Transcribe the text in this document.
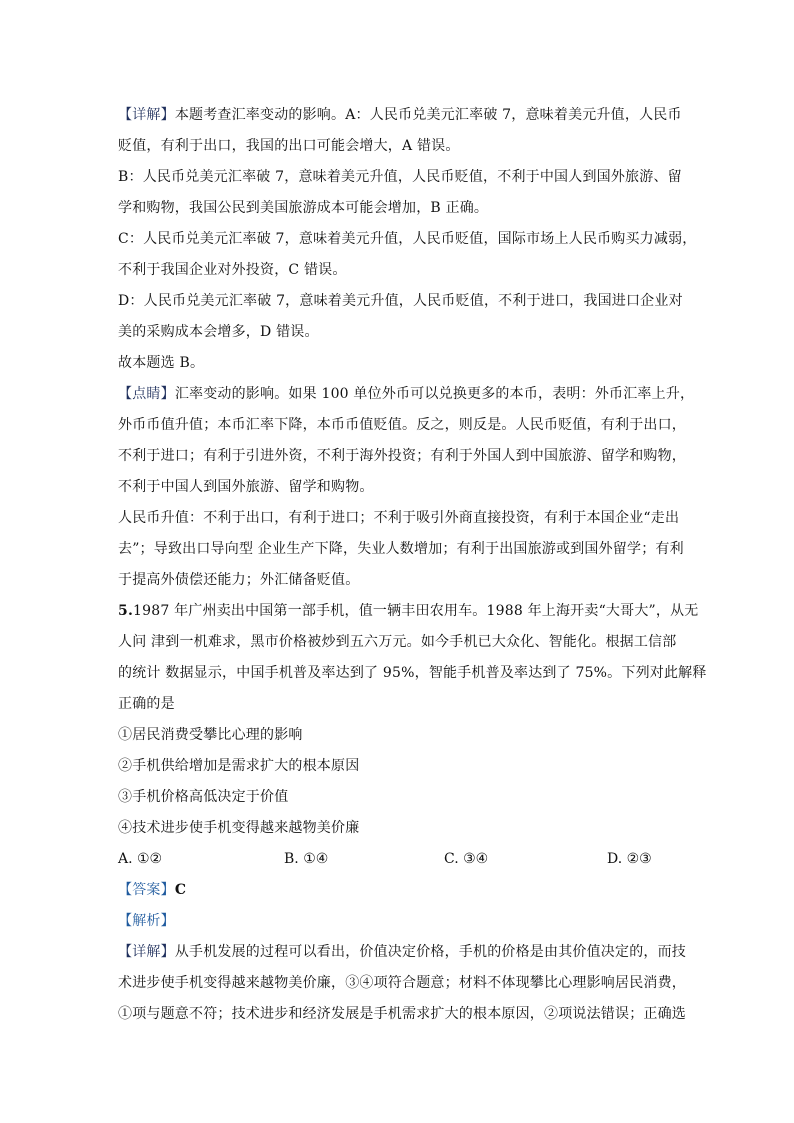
【详解】本题考查汇率变动的影响。A：人民币兑美元汇率破 7，意味着美元升值，人民币
贬值，有利于出口，我国的出口可能会增大，A 错误。
B：人民币兑美元汇率破 7，意味着美元升值，人民币贬值，不利于中国人到国外旅游、留
学和购物，我国公民到美国旅游成本可能会增加，B 正确。
C：人民币兑美元汇率破 7，意味着美元升值，人民币贬值，国际市场上人民币购买力减弱，
不利于我国企业对外投资，C 错误。
D：人民币兑美元汇率破 7，意味着美元升值，人民币贬值，不利于进口，我国进口企业对
美的采购成本会增多，D 错误。
故本题选 B。
【点睛】汇率变动的影响。如果 100 单位外币可以兑换更多的本币，表明：外币汇率上升，
外币币值升值；本币汇率下降，本币币值贬值。反之，则反是。人民币贬值，有利于出口，
不利于进口；有利于引进外资，不利于海外投资；有利于外国人到中国旅游、留学和购物，
不利于中国人到国外旅游、留学和购物。
人民币升值：不利于出口，有利于进口；不利于吸引外商直接投资，有利于本国企业“走出
去”；导致出口导向型 企业生产下降，失业人数增加；有利于出国旅游或到国外留学；有利
于提高外债偿还能力；外汇储备贬值。
5.1987 年广州卖出中国第一部手机，值一辆丰田农用车。1988 年上海开卖“大哥大”，从无
人问 津到一机难求，黑市价格被炒到五六万元。如今手机已大众化、智能化。根据工信部
的统计 数据显示，中国手机普及率达到了 95%，智能手机普及率达到了 75%。下列对此解释
正确的是
①居民消费受攀比心理的影响
②手机供给增加是需求扩大的根本原因
③手机价格高低决定于价值
④技术进步使手机变得越来越物美价廉
A. ①②	B. ①④	C. ③④	D. ②③
【答案】C
【解析】
【详解】从手机发展的过程可以看出，价值决定价格，手机的价格是由其价值决定的，而技
术进步使手机变得越来越物美价廉，③④项符合题意；材料不体现攀比心理影响居民消费，
①项与题意不符；技术进步和经济发展是手机需求扩大的根本原因，②项说法错误；正确选
